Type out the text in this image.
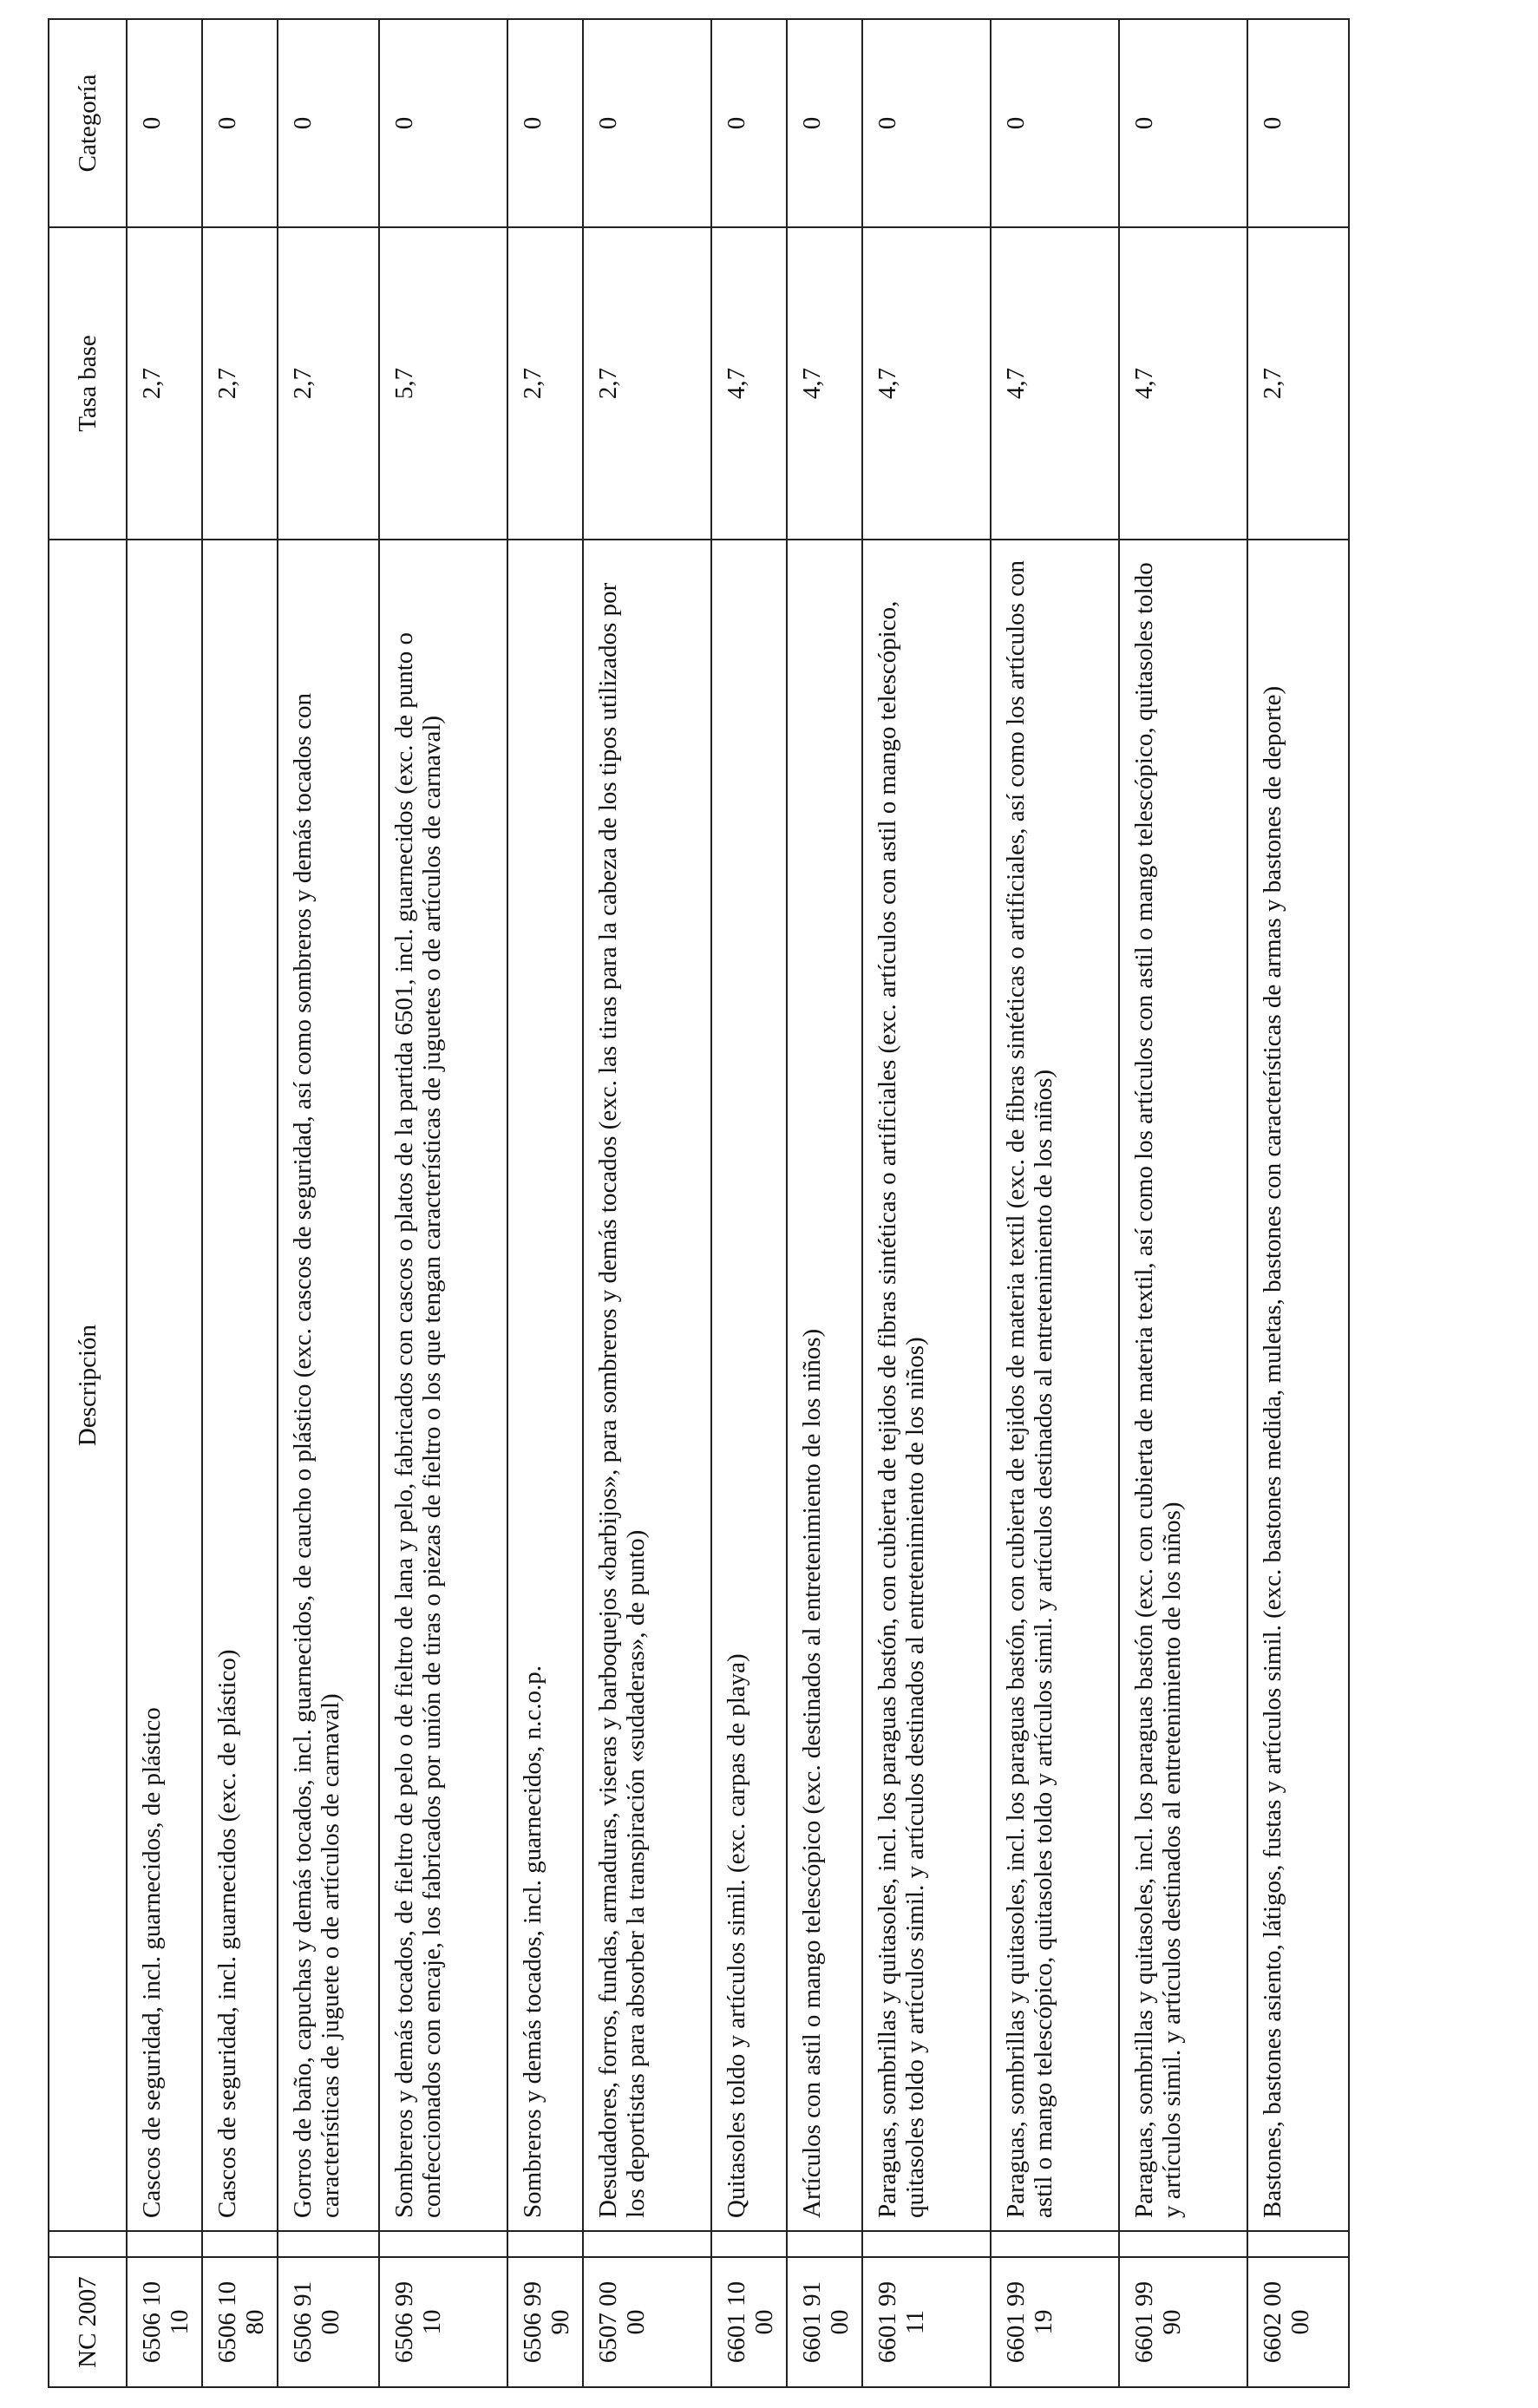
NC 2007		Descripción	Tasa base	Categoría
6506 10 10		Cascos de seguridad, incl. guarnecidos, de plástico	2,7	0
6506 10 80		Cascos de seguridad, incl. guarnecidos (exc. de plástico)	2,7	0
6506 91 00		Gorros de baño, capuchas y demás tocados, incl. guarnecidos, de caucho o plástico (exc. cascos de seguridad, así como sombreros y demás tocados con características de juguete o de artículos de carnaval)	2,7	0
6506 99 10		Sombreros y demás tocados, de fieltro de pelo o de fieltro de lana y pelo, fabricados con cascos o platos de la partida 6501, incl. guarnecidos (exc. de punto o confeccionados con encaje, los fabricados por unión de tiras o piezas de fieltro o los que tengan características de juguetes o de artículos de carnaval)	5,7	0
6506 99 90		Sombreros y demás tocados, incl. guarnecidos, n.c.o.p.	2,7	0
6507 00 00		Desudadores, forros, fundas, armaduras, viseras y barboquejos «barbijos», para sombreros y demás tocados (exc. las tiras para la cabeza de los tipos utilizados por los deportistas para absorber la transpiración «sudaderas», de punto)	2,7	0
6601 10 00		Quitasoles toldo y artículos simil. (exc. carpas de playa)	4,7	0
6601 91 00		Artículos con astil o mango telescópico (exc. destinados al entretenimiento de los niños)	4,7	0
6601 99 11		Paraguas, sombrillas y quitasoles, incl. los paraguas bastón, con cubierta de tejidos de fibras sintéticas o artificiales (exc. artículos con astil o mango telescópico, quitasoles toldo y artículos simil. y artículos destinados al entretenimiento de los niños)	4,7	0
6601 99 19		Paraguas, sombrillas y quitasoles, incl. los paraguas bastón, con cubierta de tejidos de materia textil (exc. de fibras sintéticas o artificiales, así como los artículos con astil o mango telescópico, quitasoles toldo y artículos simil. y artículos destinados al entretenimiento de los niños)	4,7	0
6601 99 90		Paraguas, sombrillas y quitasoles, incl. los paraguas bastón (exc. con cubierta de materia textil, así como los artículos con astil o mango telescópico, quitasoles toldo y artículos simil. y artículos destinados al entretenimiento de los niños)	4,7	0
6602 00 00		Bastones, bastones asiento, látigos, fustas y artículos simil. (exc. bastones medida, muletas, bastones con características de armas y bastones de deporte)	2,7	0
